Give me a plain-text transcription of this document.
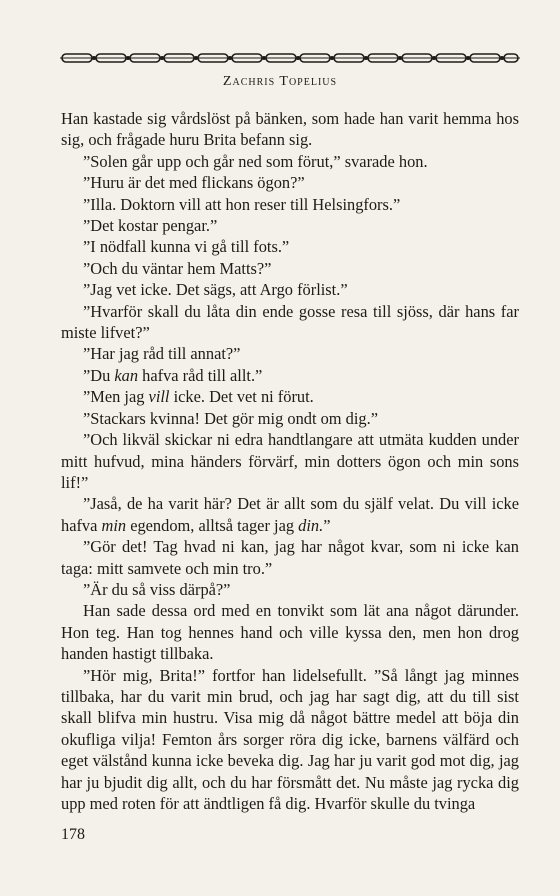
Zachris Topelius

Han kastade sig vårdslöst på bänken, som hade han varit hemma hos sig, och frågade huru Brita befann sig.

”Solen går upp och går ned som förut,” svarade hon.

”Huru är det med flickans ögon?”

”Illa. Doktorn vill att hon reser till Helsingfors.”

”Det kostar pengar.”

”I nödfall kunna vi gå till fots.”

”Och du väntar hem Matts?”

”Jag vet icke. Det sägs, att Argo förlist.”

”Hvarför skall du låta din ende gosse resa till sjöss, där hans far miste lifvet?”

”Har jag råd till annat?”

”Du kan hafva råd till allt.”

”Men jag vill icke. Det vet ni förut.

”Stackars kvinna! Det gör mig ondt om dig.”

”Och likväl skickar ni edra handtlangare att utmäta kudden under mitt hufvud, mina händers förvärf, min dotters ögon och min sons lif!”

”Jaså, de ha varit här? Det är allt som du själf velat. Du vill icke hafva min egendom, alltså tager jag din.”

”Gör det! Tag hvad ni kan, jag har något kvar, som ni icke kan taga: mitt samvete och min tro.”

”Är du så viss därpå?”

Han sade dessa ord med en tonvikt som lät ana något därunder. Hon teg. Han tog hennes hand och ville kyssa den, men hon drog handen hastigt tillbaka.

”Hör mig, Brita!” fortfor han lidelsefullt. ”Så långt jag minnes tillbaka, har du varit min brud, och jag har sagt dig, att du till sist skall blifva min hustru. Visa mig då något bättre medel att böja din okufliga vilja! Femton års sorger röra dig icke, barnens välfärd och eget välstånd kunna icke beveka dig. Jag har ju varit god mot dig, jag har ju bjudit dig allt, och du har försmått det. Nu måste jag rycka dig upp med roten för att ändtligen få dig. Hvarför skulle du tvinga

178
